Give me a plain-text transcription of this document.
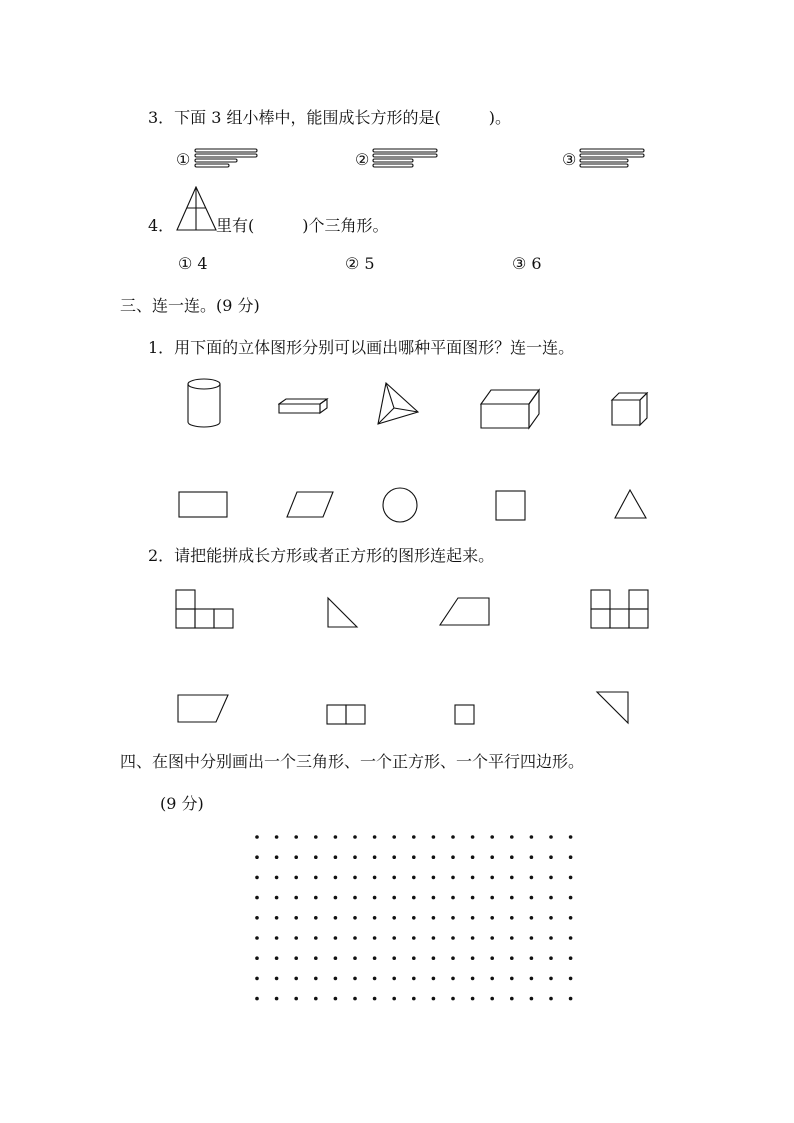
3．下面 3 组小棒中，能围成长方形的是(　　　)。
①	②	③
4．	里有(　　　)个三角形。
① 4	② 5	③ 6
三、连一连。(9 分)
1．用下面的立体图形分别可以画出哪种平面图形？连一连。
2．请把能拼成长方形或者正方形的图形连起来。
四、在图中分别画出一个三角形、一个正方形、一个平行四边形。
(9 分)
